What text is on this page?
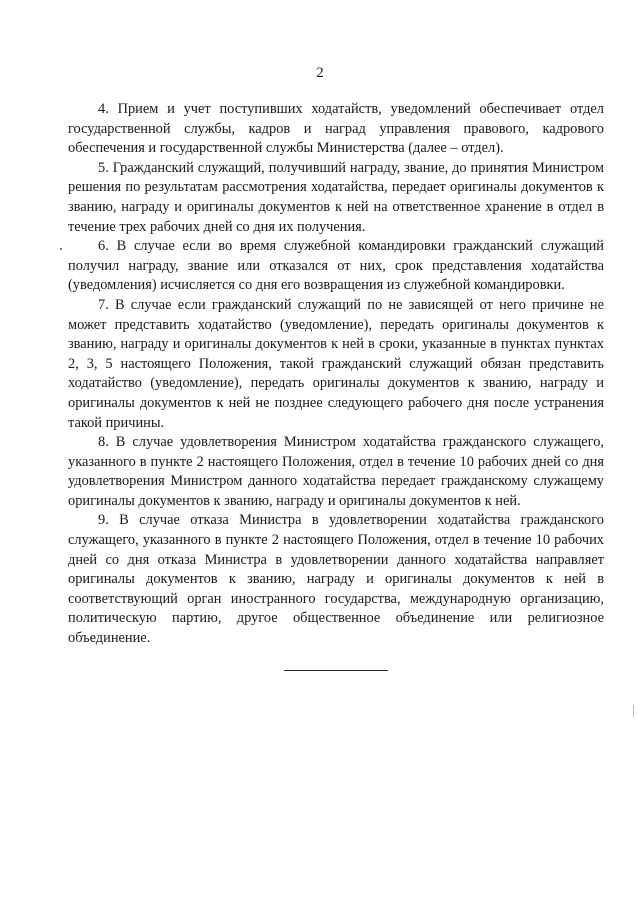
2

4. Прием и учет поступивших ходатайств, уведомлений обеспечивает отдел государственной службы, кадров и наград управления правового, кадрового обеспечения и государственной службы Министерства (далее – отдел).

5. Гражданский служащий, получивший награду, звание, до принятия Министром решения по результатам рассмотрения ходатайства, передает оригиналы документов к званию, награду и оригиналы документов к ней на ответственное хранение в отдел в течение трех рабочих дней со дня их получения.

6. В случае если во время служебной командировки гражданский служащий получил награду, звание или отказался от них, срок представления ходатайства (уведомления) исчисляется со дня его возвращения из служебной командировки.

7. В случае если гражданский служащий по не зависящей от него причине не может представить ходатайство (уведомление), передать оригиналы документов к званию, награду и оригиналы документов к ней в сроки, указанные в пунктах пунктах 2, 3, 5 настоящего Положения, такой гражданский служащий обязан представить ходатайство (уведомление), передать оригиналы документов к званию, награду и оригиналы документов к ней не позднее следующего рабочего дня после устранения такой причины.

8. В случае удовлетворения Министром ходатайства гражданского служащего, указанного в пункте 2 настоящего Положения, отдел в течение 10 рабочих дней со дня удовлетворения Министром данного ходатайства передает гражданскому служащему оригиналы документов к званию, награду и оригиналы документов к ней.

9. В случае отказа Министра в удовлетворении ходатайства гражданского служащего, указанного в пункте 2 настоящего Положения, отдел в течение 10 рабочих дней со дня отказа Министра в удовлетворении данного ходатайства направляет оригиналы документов к званию, награду и оригиналы документов к ней в соответствующий орган иностранного государства, международную организацию, политическую партию, другое общественное объединение или религиозное объединение.
